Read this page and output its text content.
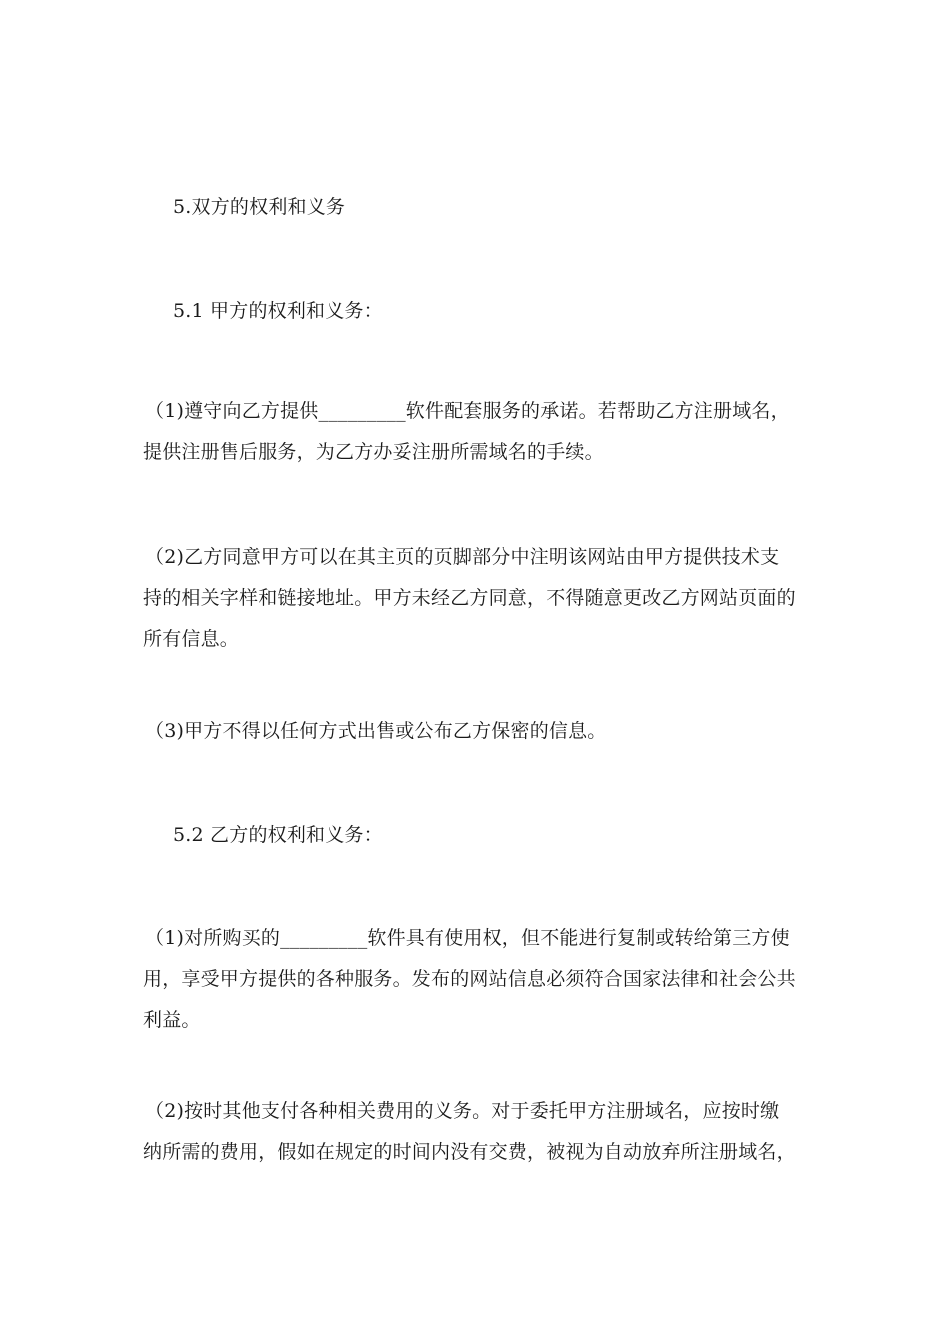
5.双方的权利和义务

5.1 甲方的权利和义务：

（1)遵守向乙方提供_________软件配套服务的承诺。若帮助乙方注册域名，
提供注册售后服务，为乙方办妥注册所需域名的手续。

（2)乙方同意甲方可以在其主页的页脚部分中注明该网站由甲方提供技术支
持的相关字样和链接地址。甲方未经乙方同意，不得随意更改乙方网站页面的
所有信息。

（3)甲方不得以任何方式出售或公布乙方保密的信息。

5.2 乙方的权利和义务：

（1)对所购买的_________软件具有使用权，但不能进行复制或转给第三方使
用，享受甲方提供的各种服务。发布的网站信息必须符合国家法律和社会公共
利益。

（2)按时其他支付各种相关费用的义务。对于委托甲方注册域名，应按时缴
纳所需的费用，假如在规定的时间内没有交费，被视为自动放弃所注册域名，
